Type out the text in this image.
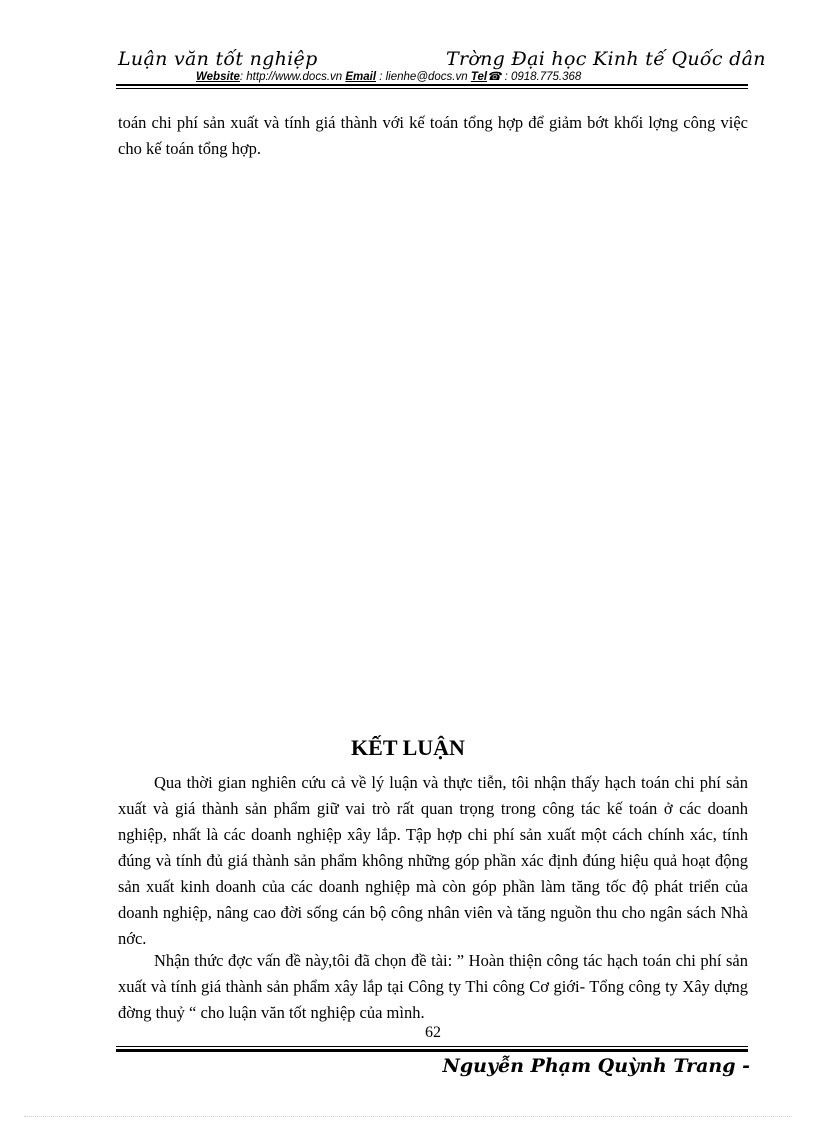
Luận văn tốt nghiệp	Trờng Đại học Kinh tế Quốc dân
Website: http://www.docs.vn Email : lienhe@docs.vn Tel☎ : 0918.775.368
toán chi phí sản xuất và tính giá thành với kế toán tổng hợp để giảm bớt khối lợng công việc cho kế toán tổng hợp.
KẾT LUẬN
Qua thời gian nghiên cứu cả về lý luận và thực tiễn, tôi nhận thấy hạch toán chi phí sản xuất và giá thành sản phẩm giữ vai trò rất quan trọng trong công tác kế toán ở các doanh nghiệp, nhất là các doanh nghiệp xây lắp. Tập hợp chi phí sản xuất một cách chính xác, tính đúng và tính đủ giá thành sản phẩm không những góp phần xác định đúng hiệu quả hoạt động sản xuất kinh doanh của các doanh nghiệp mà còn góp phần làm tăng tốc độ phát triển của doanh nghiệp, nâng cao đời sống cán bộ công nhân viên và tăng nguồn thu cho ngân sách Nhà nớc.
Nhận thức đợc vấn đề này,tôi đã chọn đề tài: ” Hoàn thiện công tác hạch toán chi phí sản xuất và tính giá thành sản phẩm xây lắp tại Công ty Thi công Cơ giới- Tổng công ty Xây dựng đờng thuỷ “ cho luận văn tốt nghiệp của mình.
62
Nguyễn Phạm Quỳnh Trang -
